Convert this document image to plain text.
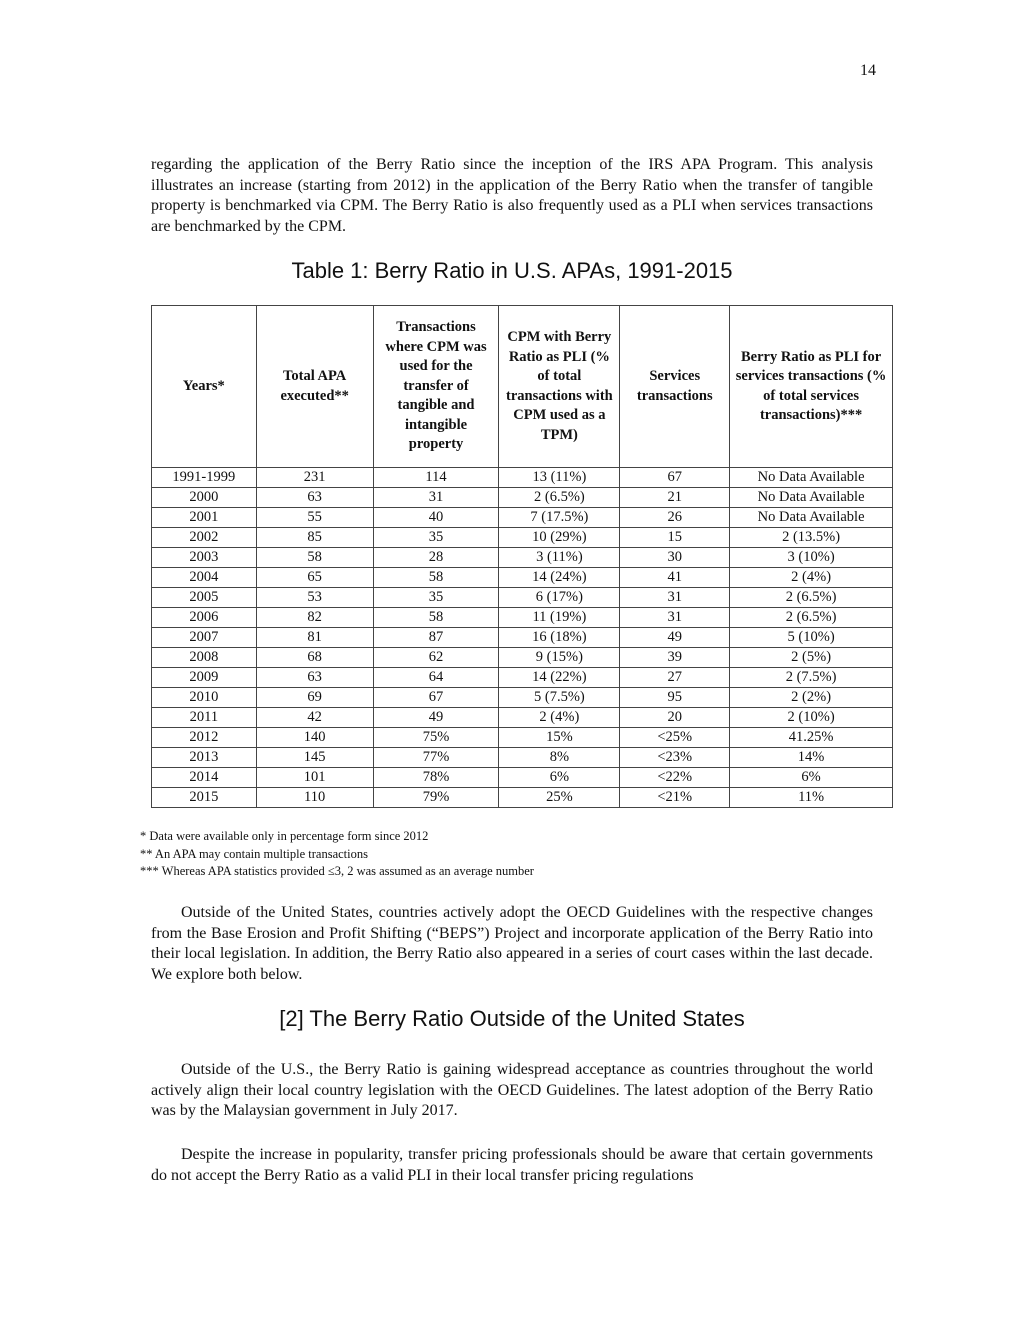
14

regarding the application of the Berry Ratio since the inception of the IRS APA Program. This analysis illustrates an increase (starting from 2012) in the application of the Berry Ratio when the transfer of tangible property is benchmarked via CPM. The Berry Ratio is also frequently used as a PLI when services transactions are benchmarked by the CPM.

Table 1: Berry Ratio in U.S. APAs, 1991-2015
Years*	Total APA executed**	Transactions where CPM was used for the transfer of tangible and intangible property	CPM with Berry Ratio as PLI (% of total transactions with CPM used as a TPM)	Services transactions	Berry Ratio as PLI for services transactions (% of total services transactions)***
1991-1999	231	114	13 (11%)	67	No Data Available
2000	63	31	2 (6.5%)	21	No Data Available
2001	55	40	7 (17.5%)	26	No Data Available
2002	85	35	10 (29%)	15	2 (13.5%)
2003	58	28	3 (11%)	30	3 (10%)
2004	65	58	14 (24%)	41	2 (4%)
2005	53	35	6 (17%)	31	2 (6.5%)
2006	82	58	11 (19%)	31	2 (6.5%)
2007	81	87	16 (18%)	49	5 (10%)
2008	68	62	9 (15%)	39	2 (5%)
2009	63	64	14 (22%)	27	2 (7.5%)
2010	69	67	5 (7.5%)	95	2 (2%)
2011	42	49	2 (4%)	20	2 (10%)
2012	140	75%	15%	<25%	41.25%
2013	145	77%	8%	<23%	14%
2014	101	78%	6%	<22%	6%
2015	110	79%	25%	<21%	11%
* Data were available only in percentage form since 2012
** An APA may contain multiple transactions
*** Whereas APA statistics provided ≤3, 2 was assumed as an average number

Outside of the United States, countries actively adopt the OECD Guidelines with the respective changes from the Base Erosion and Profit Shifting (“BEPS”) Project and incorporate application of the Berry Ratio into their local legislation. In addition, the Berry Ratio also appeared in a series of court cases within the last decade. We explore both below.

[2] The Berry Ratio Outside of the United States

Outside of the U.S., the Berry Ratio is gaining widespread acceptance as countries throughout the world actively align their local country legislation with the OECD Guidelines. The latest adoption of the Berry Ratio was by the Malaysian government in July 2017.

Despite the increase in popularity, transfer pricing professionals should be aware that certain governments do not accept the Berry Ratio as a valid PLI in their local transfer pricing regulations
